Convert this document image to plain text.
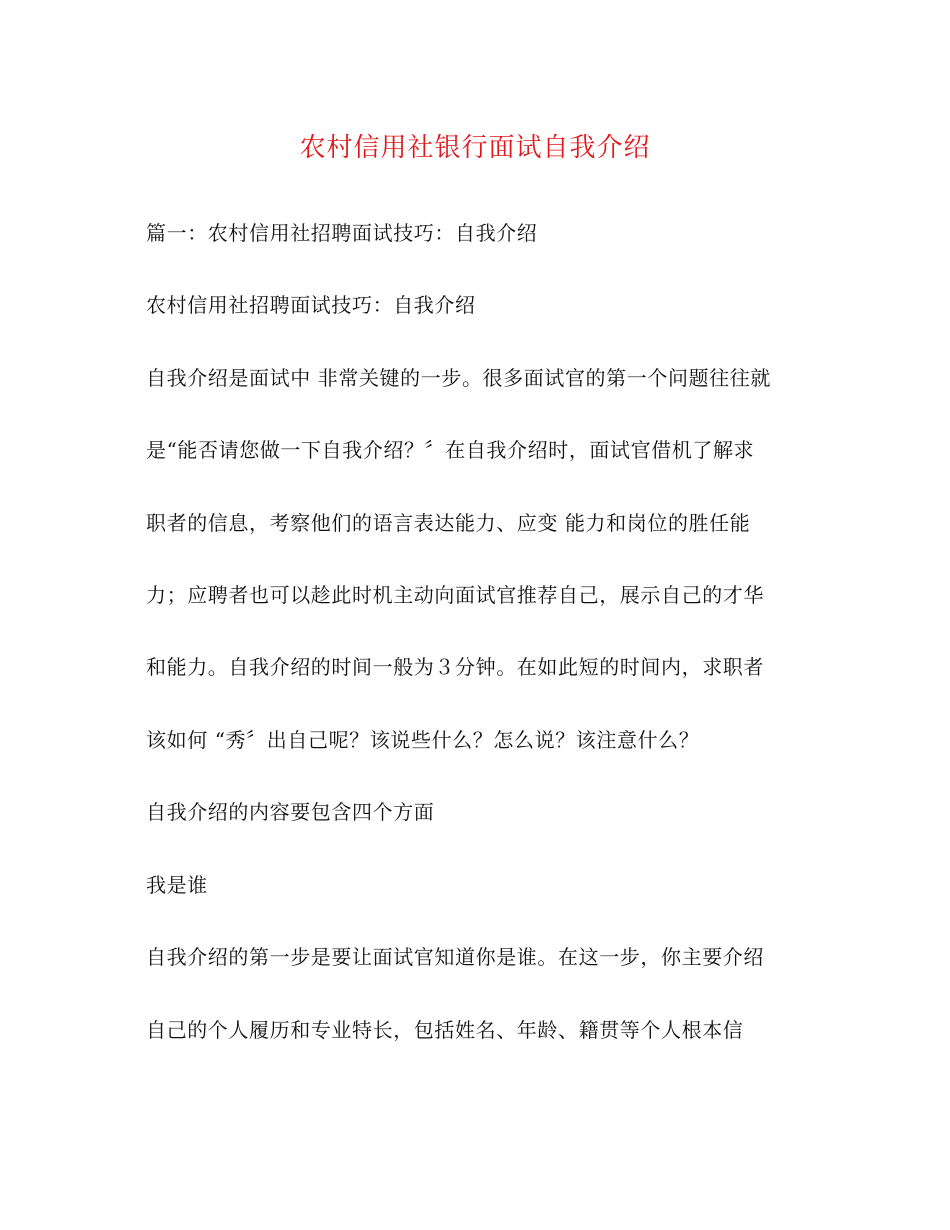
农村信用社银行面试自我介绍
篇一：农村信用社招聘面试技巧：自我介绍
农村信用社招聘面试技巧：自我介绍
自我介绍是面试中 非常关键的一步。很多面试官的第一个问题往往就
是“能否请您做一下自我介绍？〞在自我介绍时，面试官借机了解求
职者的信息，考察他们的语言表达能力、应变 能力和岗位的胜任能
力；应聘者也可以趁此时机主动向面试官推荐自己，展示自己的才华
和能力。自我介绍的时间一般为３分钟。在如此短的时间内，求职者
该如何 “秀〞出自己呢？该说些什么？怎么说？该注意什么？
自我介绍的内容要包含四个方面
我是谁
自我介绍的第一步是要让面试官知道你是谁。在这一步，你主要介绍
自己的个人履历和专业特长，包括姓名、年龄、籍贯等个人根本信
